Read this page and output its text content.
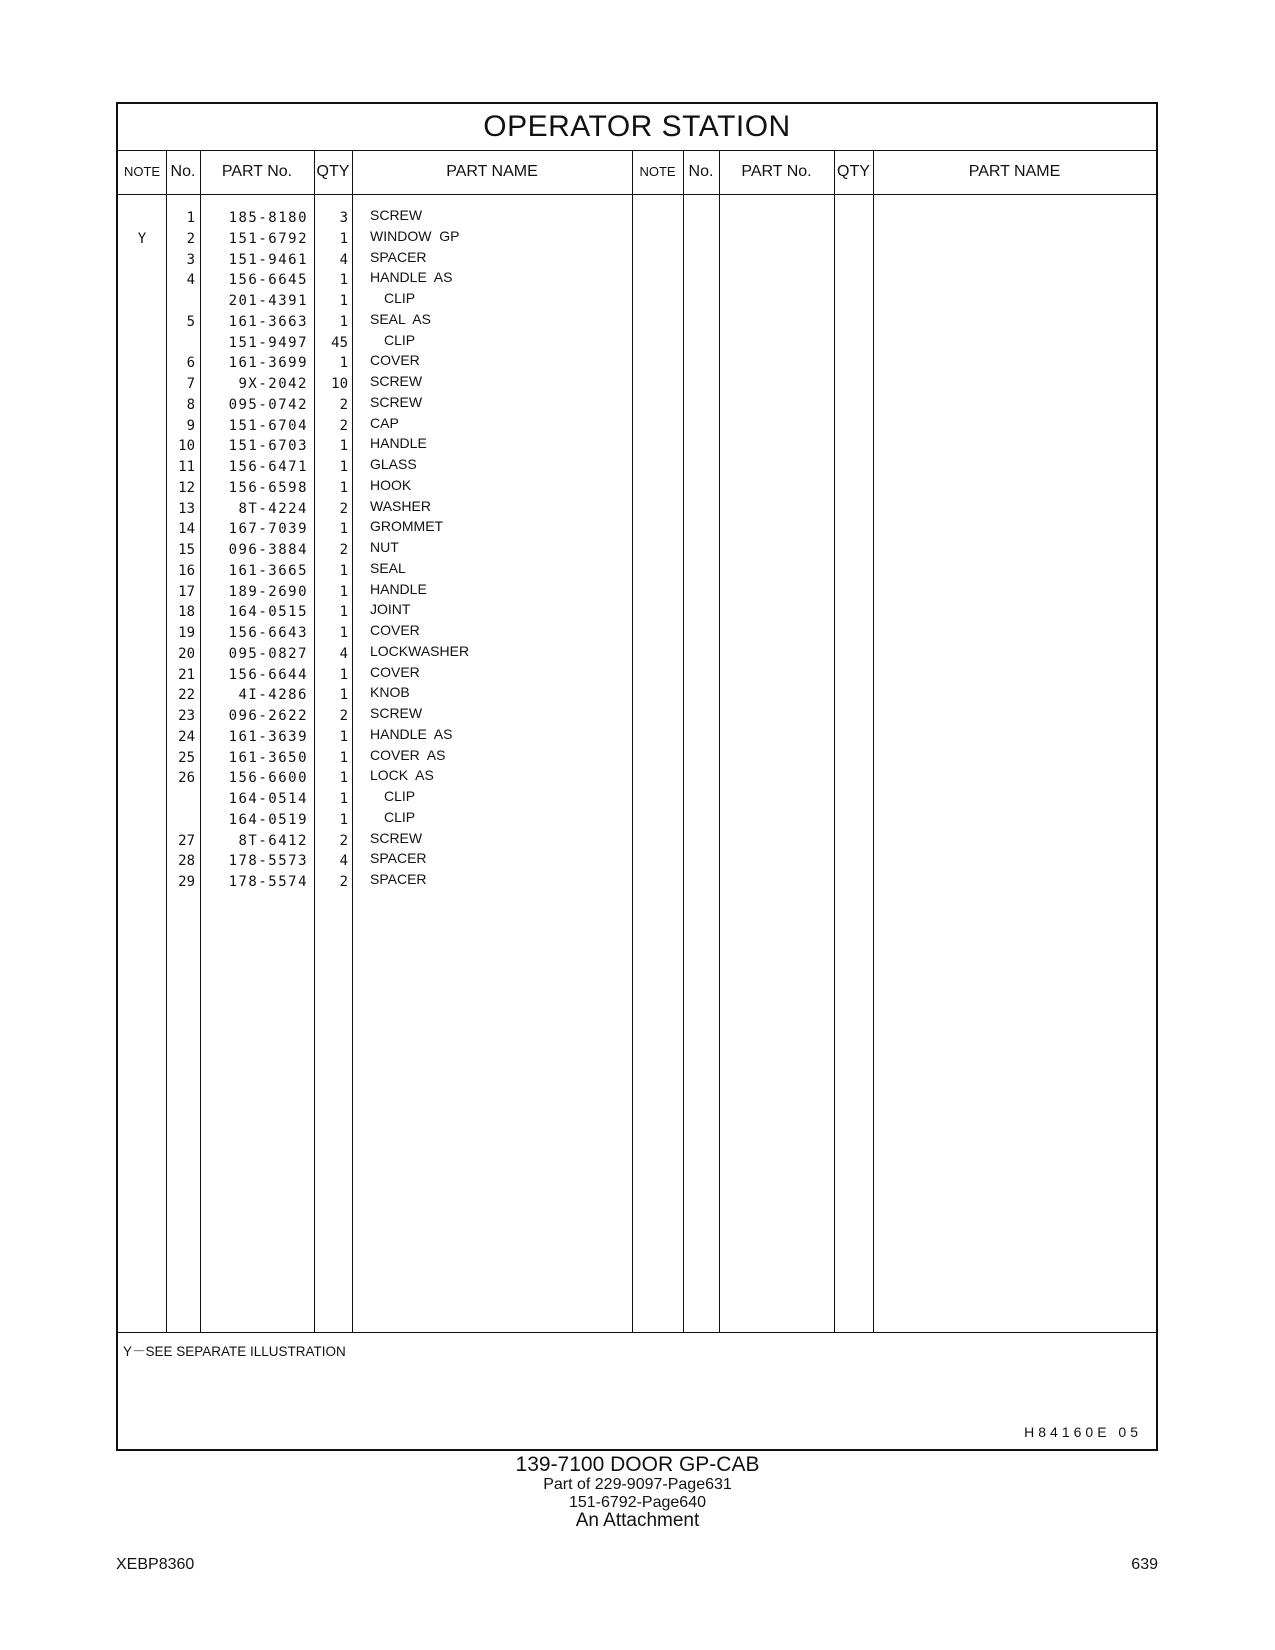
OPERATOR STATION
NOTE No.	PART No.	QTY	PART NAME	NOTE No.	PART No.	QTY	PART NAME
1	185-8180	3 SCREW
Y	2	151-6792	1 WINDOW  GP
3	151-9461	4 SPACER
4	156-6645	1 HANDLE  AS
201-4391	1	CLIP
5	161-3663	1 SEAL  AS
151-9497	45	CLIP
6	161-3699	1 COVER
7	9X-2042	10 SCREW
8	095-0742	2 SCREW
9	151-6704	2 CAP
10	151-6703	1 HANDLE
11	156-6471	1 GLASS
12	156-6598	1 HOOK
13	8T-4224	2 WASHER
14	167-7039	1 GROMMET
15	096-3884	2 NUT
16	161-3665	1 SEAL
17	189-2690	1 HANDLE
18	164-0515	1 JOINT
19	156-6643	1 COVER
20	095-0827	4 LOCKWASHER
21	156-6644	1 COVER
22	4I-4286	1 KNOB
23	096-2622	2 SCREW
24	161-3639	1 HANDLE  AS
25	161-3650	1 COVER  AS
26	156-6600	1 LOCK  AS
164-0514	1	CLIP
164-0519	1	CLIP
27	8T-6412	2 SCREW
28	178-5573	4 SPACER
29	178-5574	2 SPACER
Y－SEE SEPARATE ILLUSTRATION
H84160E 05
139-7100 DOOR GP-CAB
Part of 229-9097-Page631
151-6792-Page640
An Attachment
XEBP8360	639
